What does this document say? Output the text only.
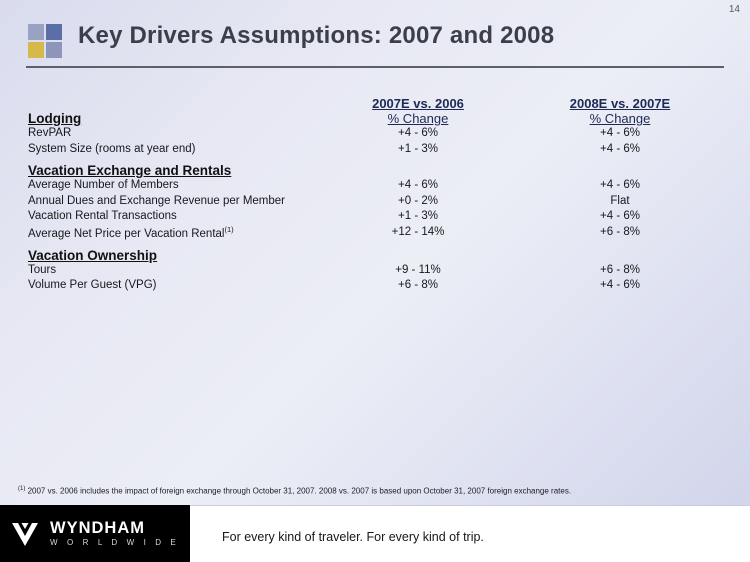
14
Key Drivers Assumptions: 2007 and 2008
	2007E vs. 2006	2008E vs. 2007E
Lodging	% Change	% Change
RevPAR	+4 - 6%	+4 - 6%
System Size (rooms at year end)	+1 - 3%	+4 - 6%

Vacation Exchange and Rentals		
Average Number of Members	+4 - 6%	+4 - 6%
Annual Dues and Exchange Revenue per Member	+0 - 2%	Flat
Vacation Rental Transactions	+1 - 3%	+4 - 6%
Average Net Price per Vacation Rental$^{(1)}$	+12 - 14%	+6 - 8%

Vacation Ownership		
Tours	+9 - 11%	+6 - 8%
Volume Per Guest (VPG)	+6 - 8%	+4 - 6%
$^{(1)}$ 2007 vs. 2006 includes the impact of foreign exchange through October 31, 2007. 2008 vs. 2007 is based upon October 31, 2007 foreign exchange rates.
WYNDHAM
W O R L D W I D E	For every kind of traveler. For every kind of trip.
